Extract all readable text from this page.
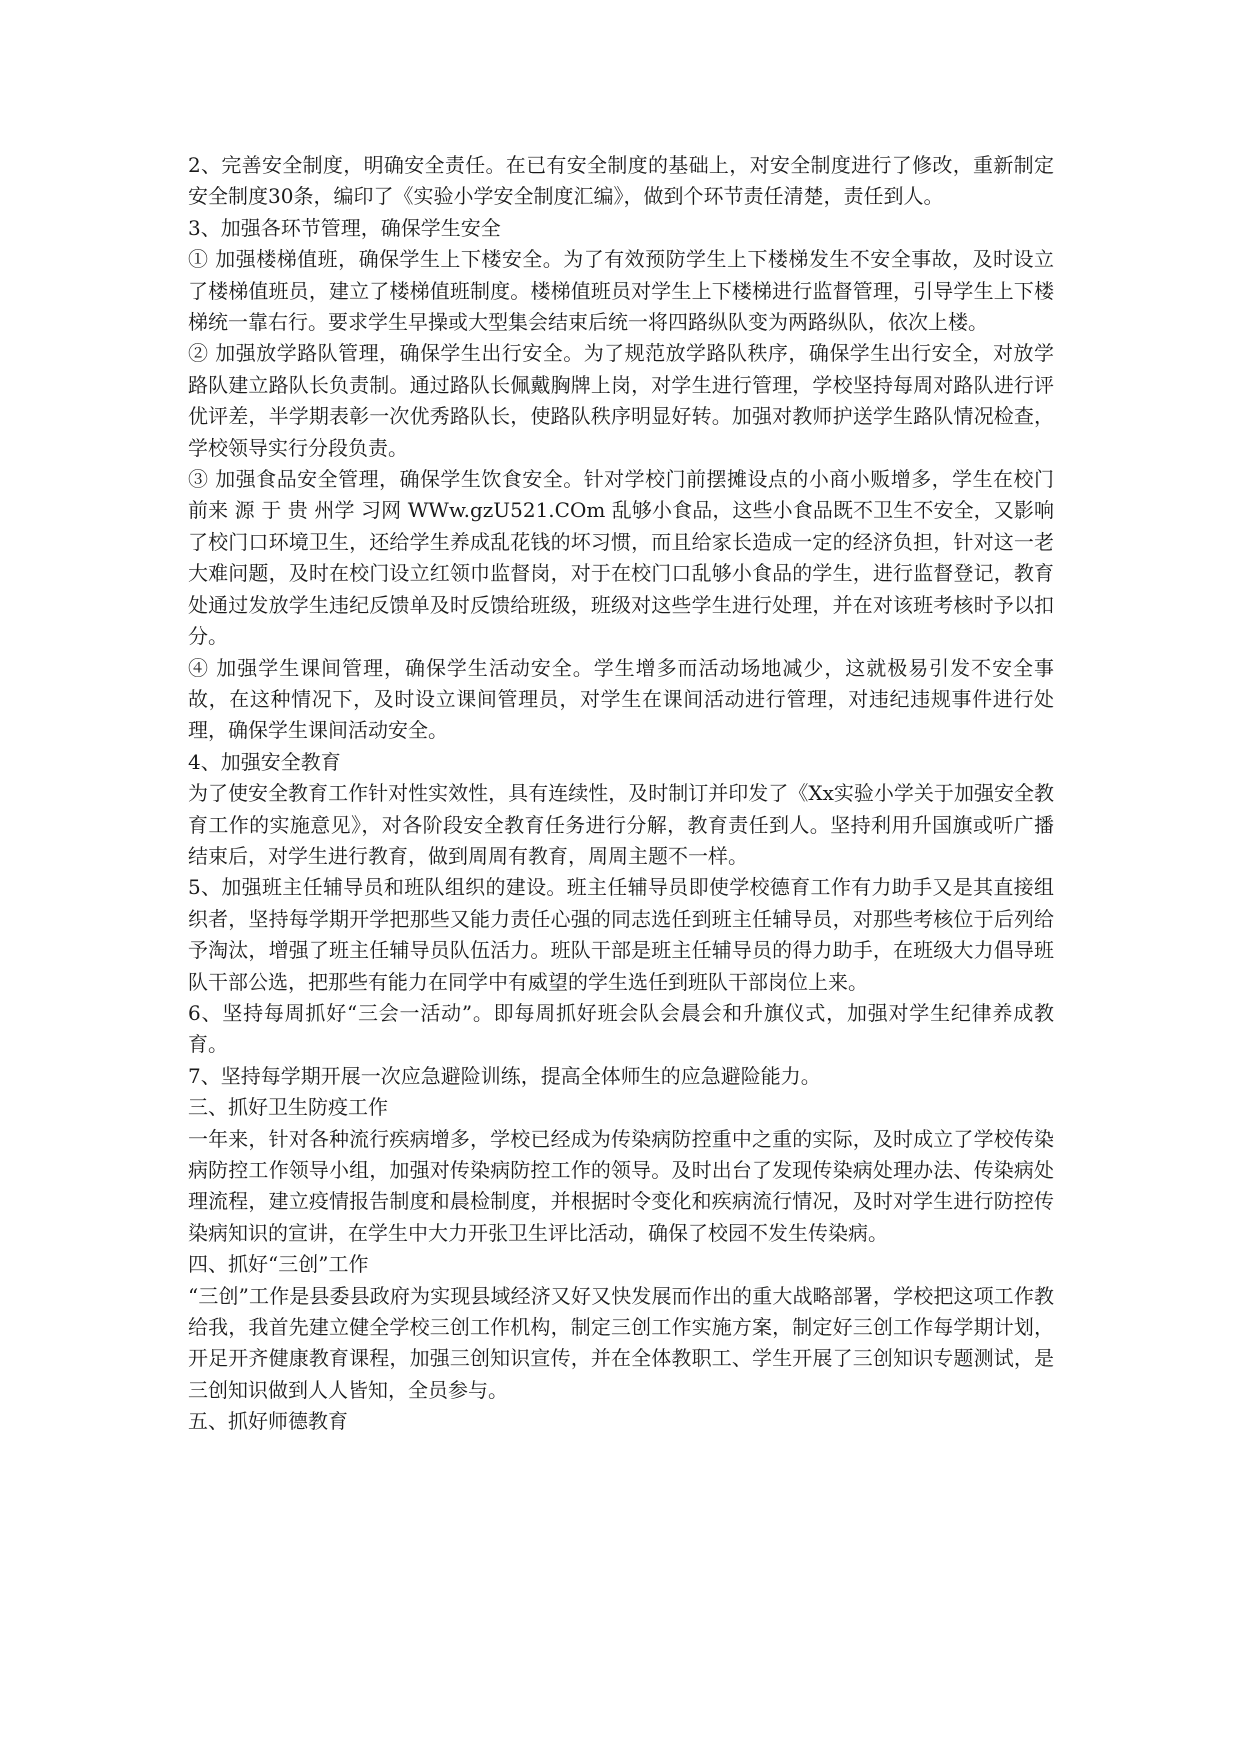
2、完善安全制度，明确安全责任。在已有安全制度的基础上，对安全制度进行了修改，重新制定安全制度30条，编印了《实验小学安全制度汇编》，做到个环节责任清楚，责任到人。

3、加强各环节管理，确保学生安全

① 加强楼梯值班，确保学生上下楼安全。为了有效预防学生上下楼梯发生不安全事故，及时设立了楼梯值班员，建立了楼梯值班制度。楼梯值班员对学生上下楼梯进行监督管理，引导学生上下楼梯统一靠右行。要求学生早操或大型集会结束后统一将四路纵队变为两路纵队，依次上楼。

② 加强放学路队管理，确保学生出行安全。为了规范放学路队秩序，确保学生出行安全，对放学路队建立路队长负责制。通过路队长佩戴胸牌上岗，对学生进行管理，学校坚持每周对路队进行评优评差，半学期表彰一次优秀路队长，使路队秩序明显好转。加强对教师护送学生路队情况检查，学校领导实行分段负责。

③ 加强食品安全管理，确保学生饮食安全。针对学校门前摆摊设点的小商小贩增多，学生在校门前来 源 于 贵 州学 习网 WWw.gzU521.COm 乱够小食品，这些小食品既不卫生不安全，又影响了校门口环境卫生，还给学生养成乱花钱的坏习惯，而且给家长造成一定的经济负担，针对这一老大难问题，及时在校门设立红领巾监督岗，对于在校门口乱够小食品的学生，进行监督登记，教育处通过发放学生违纪反馈单及时反馈给班级，班级对这些学生进行处理，并在对该班考核时予以扣分。

④ 加强学生课间管理，确保学生活动安全。学生增多而活动场地减少，这就极易引发不安全事故，在这种情况下，及时设立课间管理员，对学生在课间活动进行管理，对违纪违规事件进行处理，确保学生课间活动安全。

4、加强安全教育

为了使安全教育工作针对性实效性，具有连续性，及时制订并印发了《Xx实验小学关于加强安全教育工作的实施意见》，对各阶段安全教育任务进行分解，教育责任到人。坚持利用升国旗或听广播结束后，对学生进行教育，做到周周有教育，周周主题不一样。

5、加强班主任辅导员和班队组织的建设。班主任辅导员即使学校德育工作有力助手又是其直接组织者，坚持每学期开学把那些又能力责任心强的同志选任到班主任辅导员，对那些考核位于后列给予淘汰，增强了班主任辅导员队伍活力。班队干部是班主任辅导员的得力助手，在班级大力倡导班队干部公选，把那些有能力在同学中有威望的学生选任到班队干部岗位上来。

6、坚持每周抓好“三会一活动”。即每周抓好班会队会晨会和升旗仪式，加强对学生纪律养成教育。

7、坚持每学期开展一次应急避险训练，提高全体师生的应急避险能力。

三、抓好卫生防疫工作

一年来，针对各种流行疾病增多，学校已经成为传染病防控重中之重的实际，及时成立了学校传染病防控工作领导小组，加强对传染病防控工作的领导。及时出台了发现传染病处理办法、传染病处理流程，建立疫情报告制度和晨检制度，并根据时令变化和疾病流行情况，及时对学生进行防控传染病知识的宣讲，在学生中大力开张卫生评比活动，确保了校园不发生传染病。

四、抓好“三创”工作

“三创”工作是县委县政府为实现县域经济又好又快发展而作出的重大战略部署，学校把这项工作教给我，我首先建立健全学校三创工作机构，制定三创工作实施方案，制定好三创工作每学期计划，开足开齐健康教育课程，加强三创知识宣传，并在全体教职工、学生开展了三创知识专题测试，是三创知识做到人人皆知，全员参与。

五、抓好师德教育
